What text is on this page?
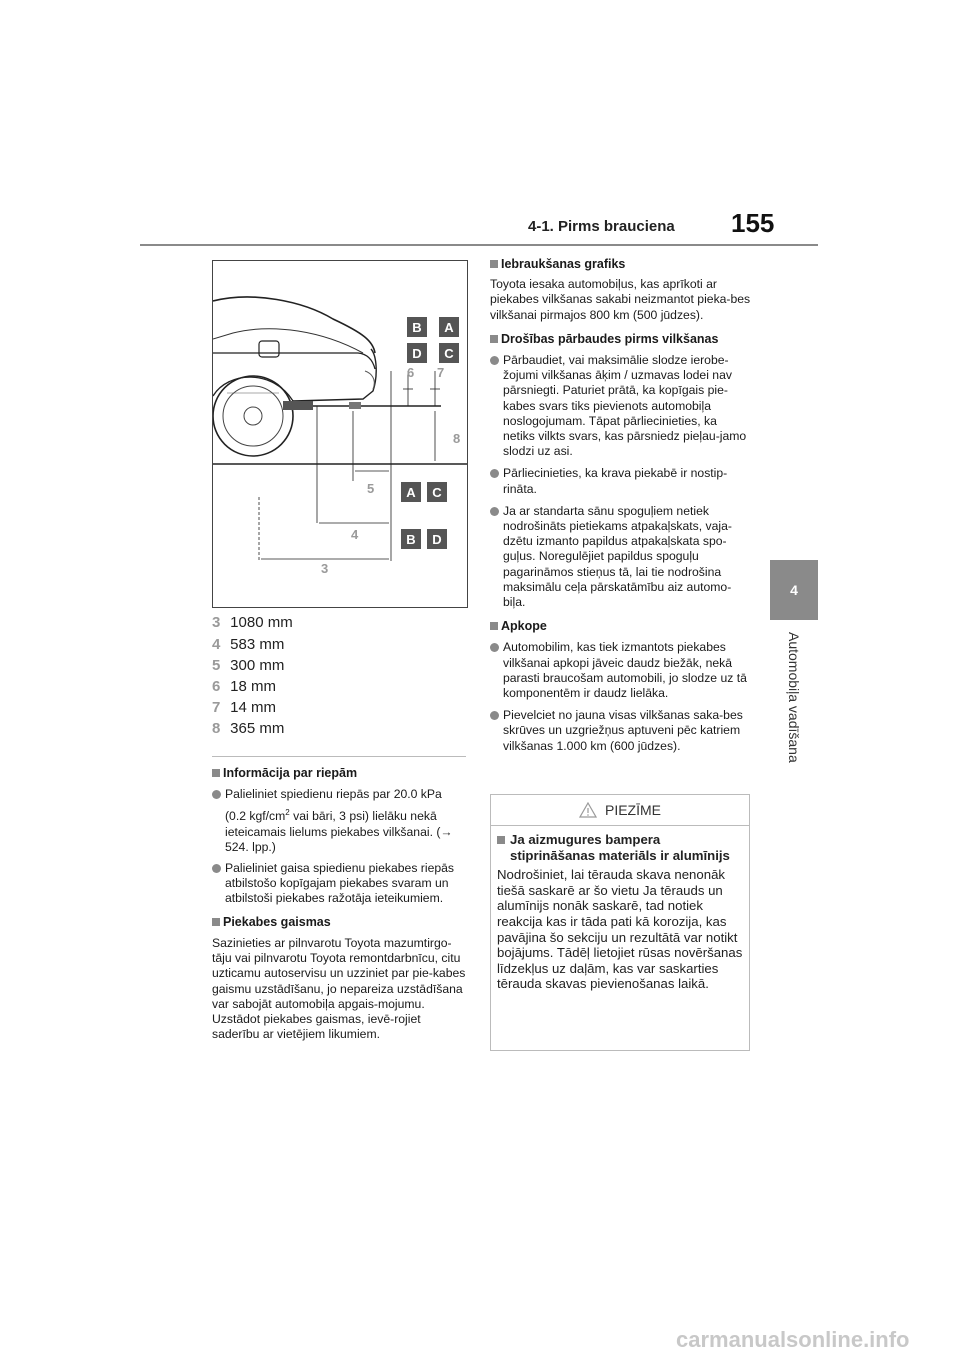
4-1. Pirms brauciena 155
4
Automobiļa vadīšana
3
4
5
6 7
8
B	A
D	C
A	C
B	D
3 1080 mm
4 583 mm
5 300 mm
6 18 mm
7 14 mm
8 365 mm
Informācija par riepām
Palieliniet spiedienu riepās par 20.0 kPa
(0.2 kgf/$cm^2$ vai bāri, 3 psi) lielāku nekā
ieteicamais lielums piekabes vilkšanai. (→
524. lpp.)
Palieliniet gaisa spiedienu piekabes riepās atbilstošo kopīgajam piekabes svaram un atbilstoši piekabes ražotāja ieteikumiem.
Piekabes gaismas
Sazinieties ar pilnvarotu Toyota mazumtirgo-tāju vai pilnvarotu Toyota remontdarbnīcu, citu uzticamu autoservisu un uzziniet par pie-kabes gaismu uzstādīšanu, jo nepareiza uzstādīšana var sabojāt automobiļa apgais-mojumu. Uzstādot piekabes gaismas, ievē-rojiet saderību ar vietējiem likumiem.
Iebraukšanas grafiks
Toyota iesaka automobiļus, kas aprīkoti ar piekabes vilkšanas sakabi neizmantot pieka-bes vilkšanai pirmajos 800 km (500 jūdzes).
Drošības pārbaudes pirms vilkšanas
Pārbaudiet, vai maksimālie slodze ierobe-žojumi vilkšanas āķim / uzmavas lodei nav pārsniegti. Paturiet prātā, ka kopīgais pie-kabes svars tiks pievienots automobiļa noslogojumam. Tāpat pārliecinieties, ka netiks vilkts svars, kas pārsniedz pieļau-jamo slodzi uz asi.
Pārliecinieties, ka krava piekabē ir nostip-rināta.
Ja ar standarta sānu spoguļiem netiek nodrošināts pietiekams atpakaļskats, vaja-dzētu izmanto papildus atpakaļskata spo-guļus. Noregulējiet papildus spoguļu pagarināmos stieņus tā, lai tie nodrošina maksimālu ceļa pārskatāmību aiz automo-biļa.
Apkope
Automobilim, kas tiek izmantots piekabes vilkšanai apkopi jāveic daudz biežāk, nekā parasti braucošam automobili, jo slodze uz tā komponentēm ir daudz lielāka.
Pievelciet no jauna visas vilkšanas saka-bes skrūves un uzgriežņus aptuveni pēc katriem vilkšanas 1.000 km (600 jūdzes).
PIEZĪME
Ja aizmugures bampera stiprināšanas materiāls ir alumīnijs
Nodrošiniet, lai tērauda skava nenonāk tiešā saskarē ar šo vietu Ja tērauds un alumīnijs nonāk saskarē, tad notiek reakcija kas ir tāda pati kā korozija, kas pavājina šo sekciju un rezultātā var notikt bojājums. Tādēļ lietojiet rūsas novēršanas līdzekļus uz daļām, kas var saskarties tērauda skavas pievienošanas laikā.
carmanualsonline.info
